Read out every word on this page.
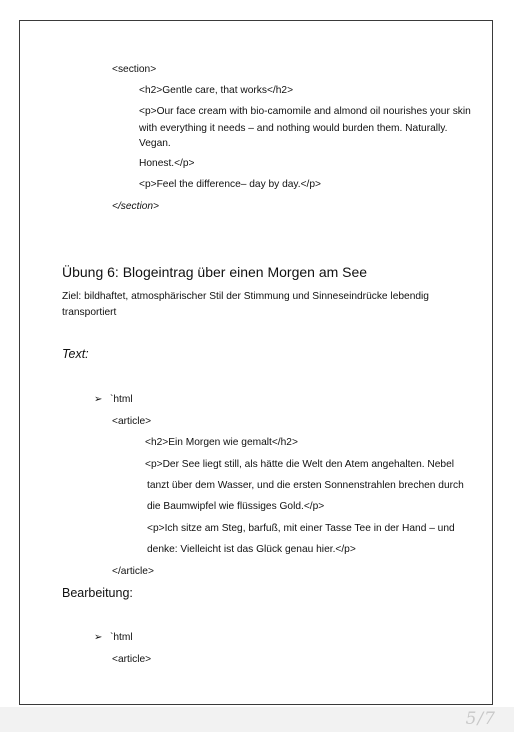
<section>
<h2>Gentle care, that works</h2>
<p>Our face cream with bio-camomile and almond oil nourishes your skin
with everything it needs – and nothing would burden them. Naturally.
Vegan.
Honest.</p>
<p>Feel the difference– day by day.</p>
</section>
Übung 6: Blogeintrag über einen Morgen am See
Ziel: bildhaftet, atmosphärischer Stil der Stimmung und Sinneseindrücke lebendig
transportiert
Text:
➢ `html
<article>
<h2>Ein Morgen wie gemalt</h2>
<p>Der See liegt still, als hätte die Welt den Atem angehalten. Nebel
tanzt über dem Wasser, und die ersten Sonnenstrahlen brechen durch
die Baumwipfel wie flüssiges Gold.</p>
<p>Ich sitze am Steg, barfuß, mit einer Tasse Tee in der Hand – und
denke: Vielleicht ist das Glück genau hier.</p>
</article>
Bearbeitung:
➢ `html
<article>
5/7
